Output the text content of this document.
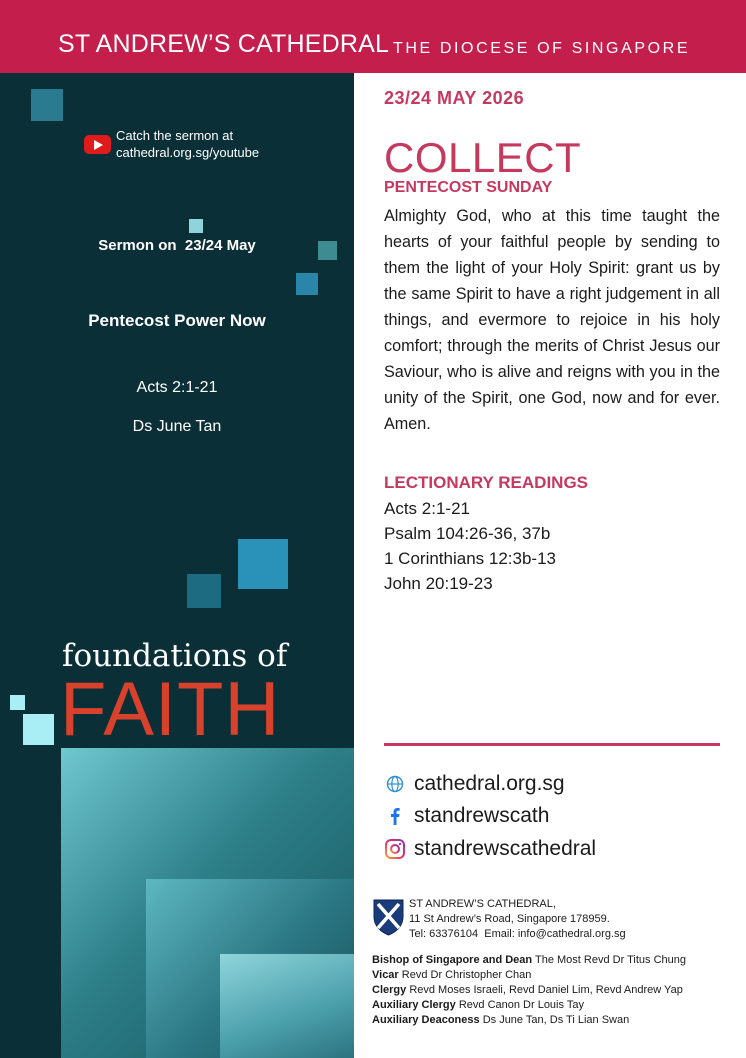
ST ANDREW’S CATHEDRAL THE DIOCESE OF SINGAPORE
Catch the sermon at
cathedral.org.sg/youtube
Sermon on  23/24 May
Pentecost Power Now
Acts 2:1-21
Ds June Tan
foundations of
FAITH
23/24 MAY 2026
COLLECT
PENTECOST SUNDAY

Almighty God, who at this time taught the hearts of your faithful people by sending to them the light of your Holy Spirit: grant us by the same Spirit to have a right judgement in all things, and evermore to rejoice in his holy comfort; through the merits of Christ Jesus our Saviour, who is alive and reigns with you in the unity of the Spirit, one God, now and for ever. Amen.

LECTIONARY READINGS
Acts 2:1-21
Psalm 104:26-36, 37b
1 Corinthians 12:3b-13
John 20:19-23
cathedral.org.sg
standrewscath
standrewscathedral
ST ANDREW’S CATHEDRAL,
11 St Andrew’s Road, Singapore 178959.
Tel: 63376104  Email: info@cathedral.org.sg
Bishop of Singapore and Dean The Most Revd Dr Titus Chung
Vicar Revd Dr Christopher Chan
Clergy Revd Moses Israeli, Revd Daniel Lim, Revd Andrew Yap
Auxiliary Clergy Revd Canon Dr Louis Tay
Auxiliary Deaconess Ds June Tan, Ds Ti Lian Swan
